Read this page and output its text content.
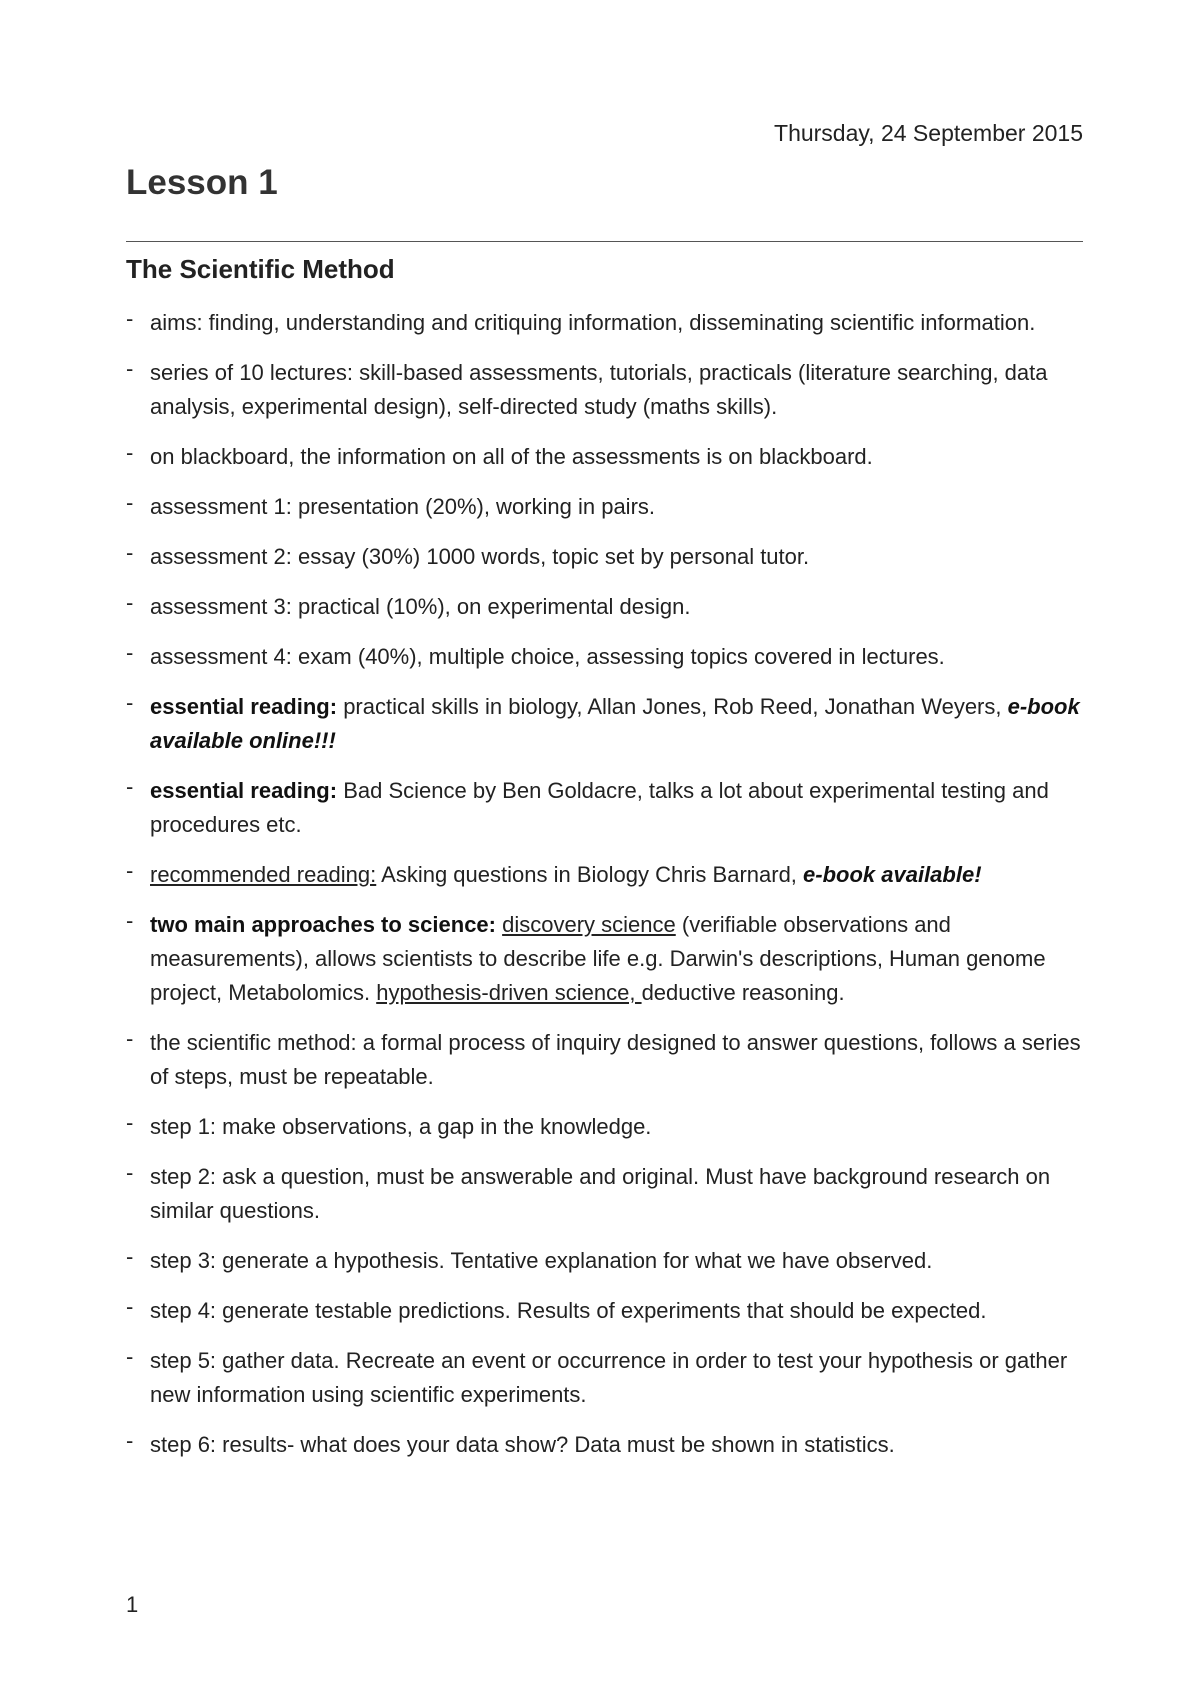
Thursday, 24 September 2015
Lesson 1
The Scientific Method
- aims: finding, understanding and critiquing information, disseminating scientific information.
- series of 10 lectures: skill-based assessments, tutorials, practicals (literature searching, data analysis, experimental design), self-directed study (maths skills).
- on blackboard, the information on all of the assessments is on blackboard.
- assessment 1: presentation (20%), working in pairs.
- assessment 2: essay (30%) 1000 words, topic set by personal tutor.
- assessment 3: practical (10%), on experimental design.
- assessment 4: exam (40%), multiple choice, assessing topics covered in lectures.
- essential reading: practical skills in biology, Allan Jones, Rob Reed, Jonathan Weyers, e-book available online!!!
- essential reading: Bad Science by Ben Goldacre, talks a lot about experimental testing and procedures etc.
- recommended reading: Asking questions in Biology Chris Barnard, e-book available!
- two main approaches to science: discovery science (verifiable observations and measurements), allows scientists to describe life e.g. Darwin's descriptions, Human genome project, Metabolomics. hypothesis-driven science, deductive reasoning.
- the scientific method: a formal process of inquiry designed to answer questions, follows a series of steps, must be repeatable.
- step 1: make observations, a gap in the knowledge.
- step 2: ask a question, must be answerable and original. Must have background research on similar questions.
- step 3: generate a hypothesis. Tentative explanation for what we have observed.
- step 4: generate testable predictions. Results of experiments that should be expected.
- step 5: gather data. Recreate an event or occurrence in order to test your hypothesis or gather new information using scientific experiments.
- step 6: results- what does your data show? Data must be shown in statistics.
1
